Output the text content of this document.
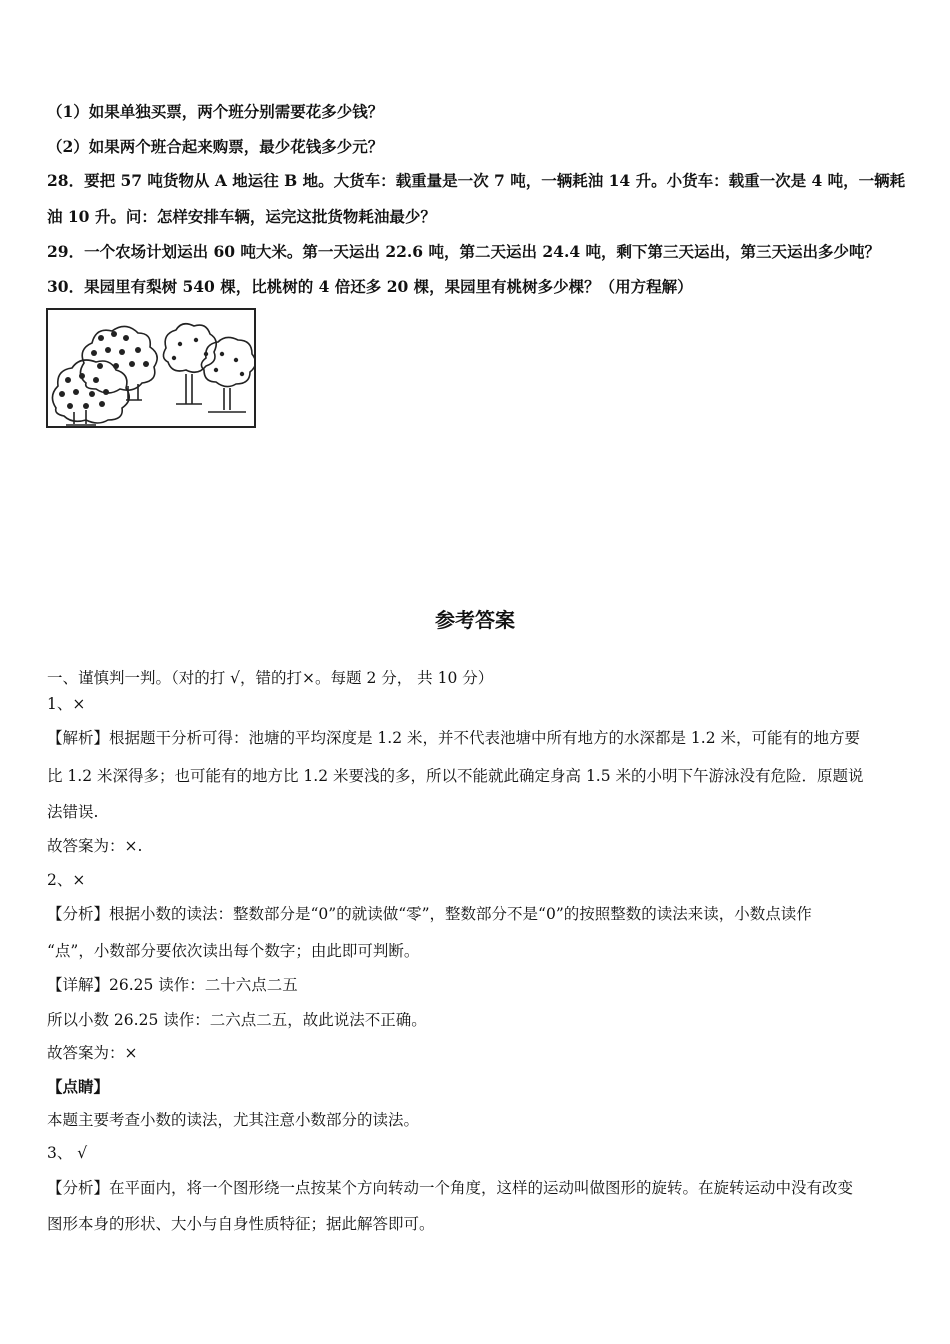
（1）如果单独买票，两个班分别需要花多少钱？
（2）如果两个班合起来购票，最少花钱多少元？
28．要把 57 吨货物从 A 地运往 B 地。大货车：载重量是一次 7 吨，一辆耗油 14 升。小货车：载重一次是 4 吨，一辆耗
油 10 升。问：怎样安排车辆，运完这批货物耗油最少？
29．一个农场计划运出 60 吨大米。第一天运出 22.6 吨，第二天运出 24.4 吨，剩下第三天运出，第三天运出多少吨？
30．果园里有梨树 540 棵，比桃树的 4 倍还多 20 棵，果园里有桃树多少棵？（用方程解）
参考答案
一、谨慎判一判。（对的打 √，错的打×。每题 2 分， 共 10 分）
1、×
【解析】根据题干分析可得：池塘的平均深度是 1.2 米，并不代表池塘中所有地方的水深都是 1.2 米，可能有的地方要
比 1.2 米深得多；也可能有的地方比 1.2 米要浅的多，所以不能就此确定身高 1.5 米的小明下午游泳没有危险．原题说
法错误.
故答案为：×.
2、×
【分析】根据小数的读法：整数部分是“0”的就读做“零”，整数部分不是“0”的按照整数的读法来读，小数点读作
“点”，小数部分要依次读出每个数字；由此即可判断。
【详解】26.25 读作：二十六点二五
所以小数 26.25 读作：二六点二五，故此说法不正确。
故答案为：×
【点睛】
本题主要考查小数的读法，尤其注意小数部分的读法。
3、 √
【分析】在平面内，将一个图形绕一点按某个方向转动一个角度，这样的运动叫做图形的旋转。在旋转运动中没有改变
图形本身的形状、大小与自身性质特征；据此解答即可。
